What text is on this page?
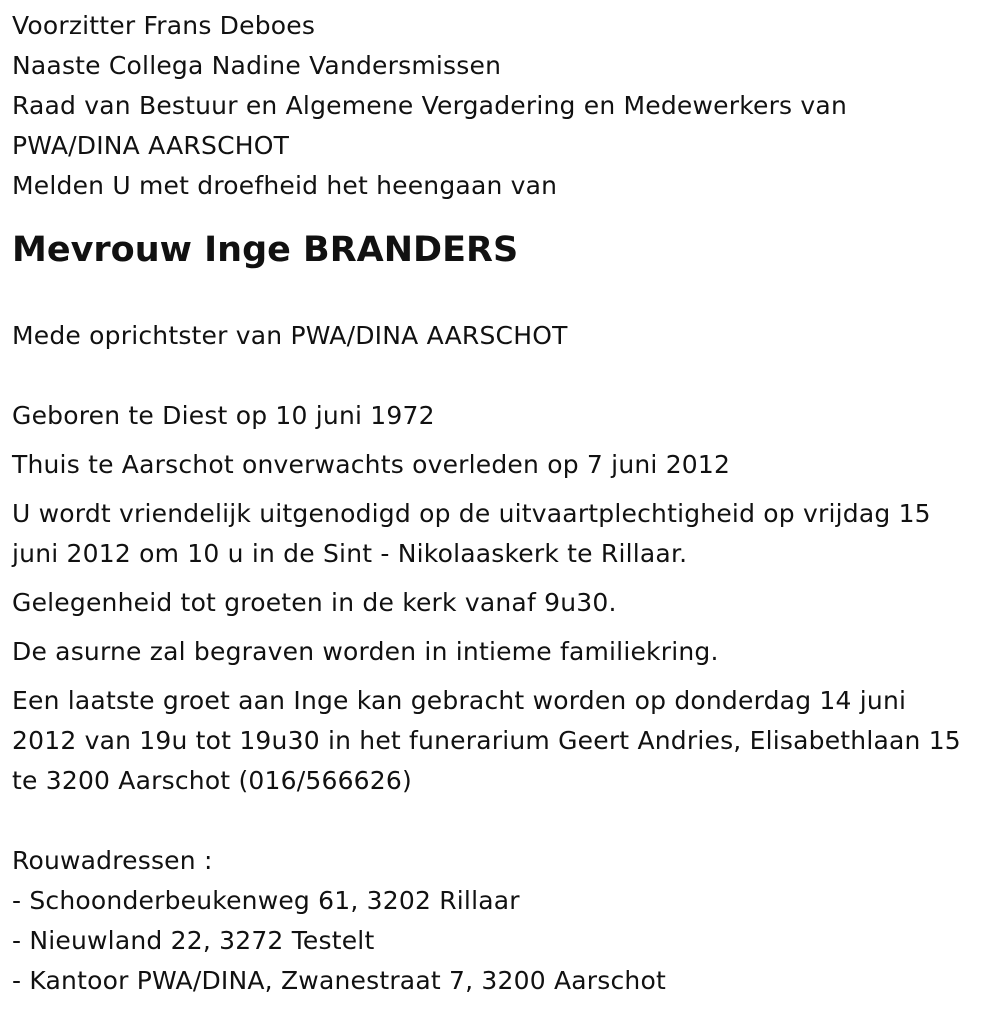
Voorzitter Frans Deboes
Naaste Collega Nadine Vandersmissen
Raad van Bestuur en Algemene Vergadering en Medewerkers van
PWA/DINA AARSCHOT
Melden U met droefheid het heengaan van
Mevrouw Inge BRANDERS
Mede oprichtster van PWA/DINA AARSCHOT
Geboren te Diest op 10 juni 1972
Thuis te Aarschot onverwachts overleden op 7 juni 2012
U wordt vriendelijk uitgenodigd op de uitvaartplechtigheid op vrijdag 15
juni 2012 om 10 u in de Sint - Nikolaaskerk te Rillaar.
Gelegenheid tot groeten in de kerk vanaf 9u30.
De asurne zal begraven worden in intieme familiekring.
Een laatste groet aan Inge kan gebracht worden op donderdag 14 juni
2012 van 19u tot 19u30 in het funerarium Geert Andries, Elisabethlaan 15
te 3200 Aarschot (016/566626)
Rouwadressen :
- Schoonderbeukenweg 61, 3202 Rillaar
- Nieuwland 22, 3272 Testelt
- Kantoor PWA/DINA, Zwanestraat 7, 3200 Aarschot
